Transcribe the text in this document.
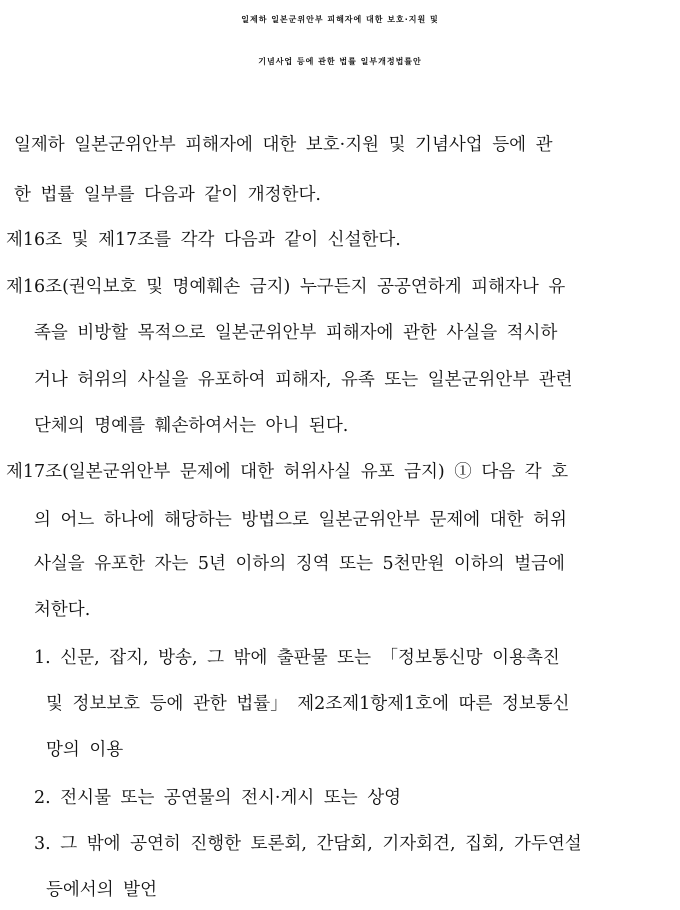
일제하 일본군위안부 피해자에 대한 보호·지원 및
기념사업 등에 관한 법률 일부개정법률안
일제하 일본군위안부 피해자에 대한 보호·지원 및 기념사업 등에 관
한 법률 일부를 다음과 같이 개정한다.
제16조 및 제17조를 각각 다음과 같이 신설한다.
제16조(권익보호 및 명예훼손 금지) 누구든지 공공연하게 피해자나 유
족을 비방할 목적으로 일본군위안부 피해자에 관한 사실을 적시하
거나 허위의 사실을 유포하여 피해자, 유족 또는 일본군위안부 관련
단체의 명예를 훼손하여서는 아니 된다.
제17조(일본군위안부 문제에 대한 허위사실 유포 금지) ① 다음 각 호
의 어느 하나에 해당하는 방법으로 일본군위안부 문제에 대한 허위
사실을 유포한 자는 5년 이하의 징역 또는 5천만원 이하의 벌금에
처한다.
1. 신문, 잡지, 방송, 그 밖에 출판물 또는 「정보통신망 이용촉진
및 정보보호 등에 관한 법률」 제2조제1항제1호에 따른 정보통신
망의 이용
2. 전시물 또는 공연물의 전시·게시 또는 상영
3. 그 밖에 공연히 진행한 토론회, 간담회, 기자회견, 집회, 가두연설
등에서의 발언
